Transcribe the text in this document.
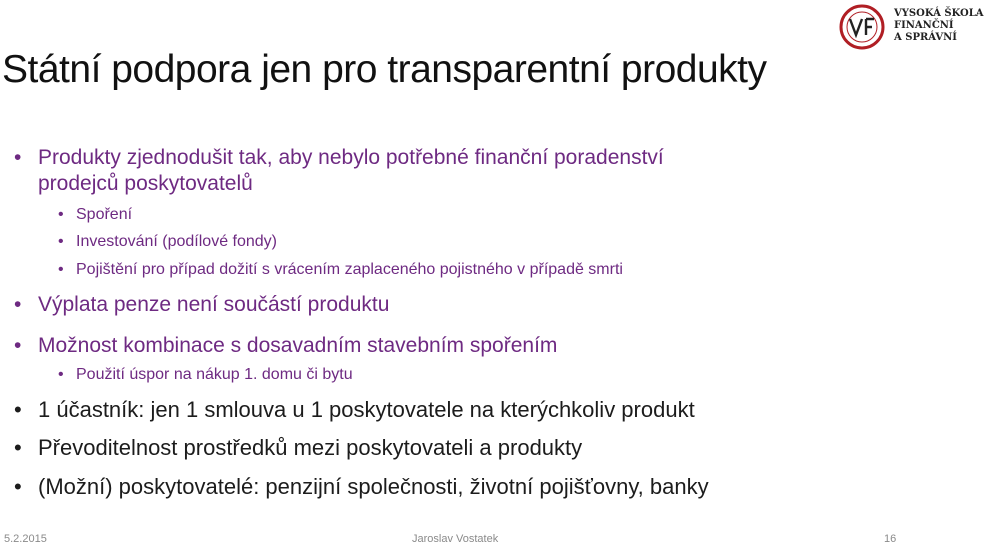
VYSOKÁ ŠKOLA
FINANČNÍ
A SPRÁVNÍ
Státní podpora jen pro transparentní produkty
• Produkty zjednodušit tak, aby nebylo potřebné finanční poradenství
prodejců poskytovatelů
• Spoření
• Investování (podílové fondy)
• Pojištění pro případ dožití s vrácením zaplaceného pojistného v případě smrti
• Výplata penze není součástí produktu
• Možnost kombinace s dosavadním stavebním spořením
• Použití úspor na nákup 1. domu či bytu
• 1 účastník: jen 1 smlouva u 1 poskytovatele na kterýchkoliv produkt
• Převoditelnost prostředků mezi poskytovateli a produkty
• (Možní) poskytovatelé: penzijní společnosti, životní pojišťovny, banky
5.2.2015	Jaroslav Vostatek	16
